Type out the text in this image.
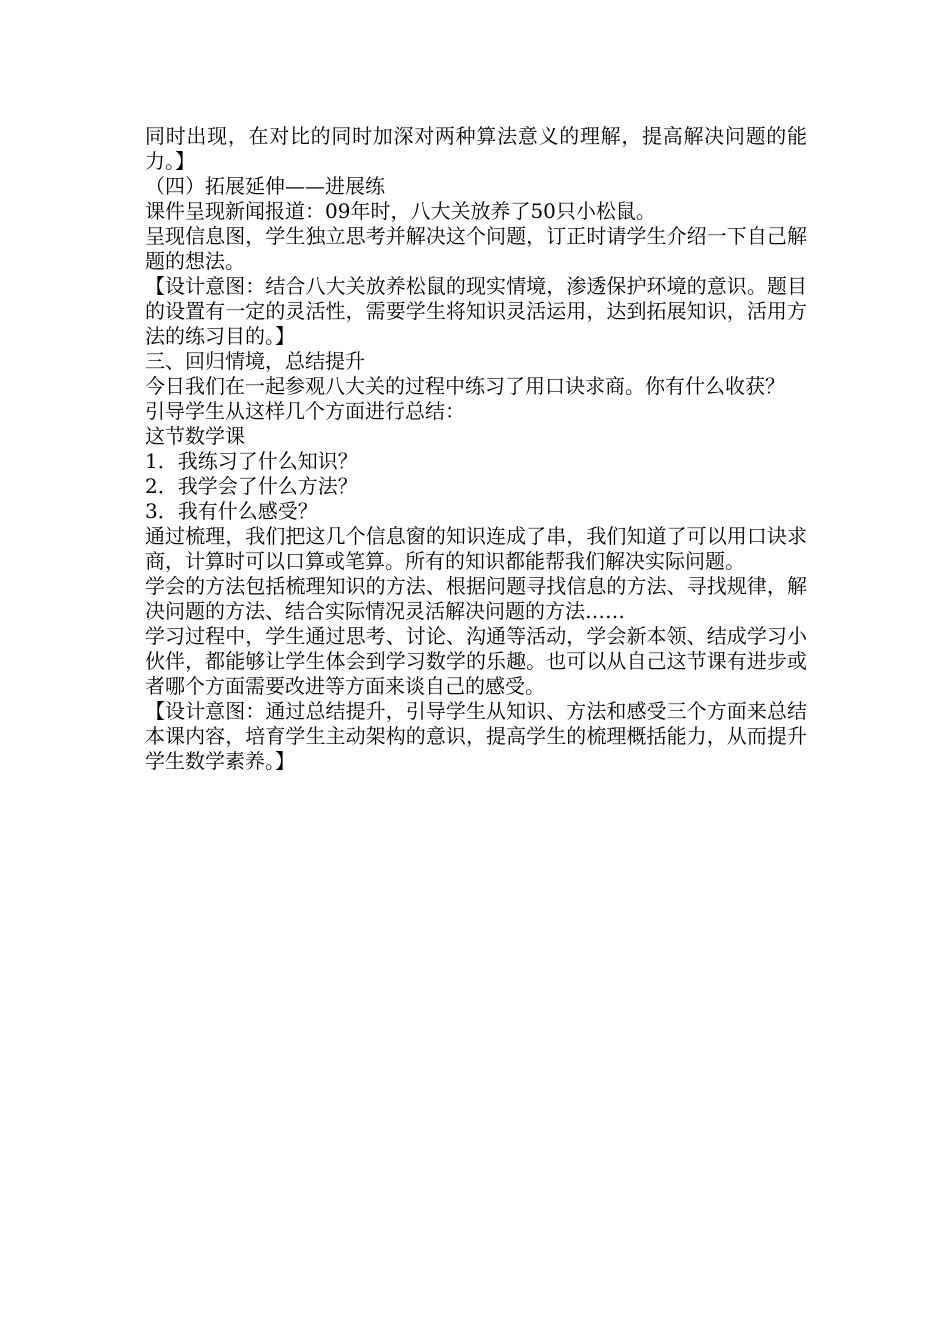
同时出现，在对比的同时加深对两种算法意义的理解，提高解决问题的能力。】

（四）拓展延伸——进展练

课件呈现新闻报道：09年时，八大关放养了50只小松鼠。

呈现信息图，学生独立思考并解决这个问题，订正时请学生介绍一下自己解题的想法。

【设计意图：结合八大关放养松鼠的现实情境，渗透保护环境的意识。题目的设置有一定的灵活性，需要学生将知识灵活运用，达到拓展知识，活用方法的练习目的。】

三、回归情境，总结提升

今日我们在一起参观八大关的过程中练习了用口诀求商。你有什么收获？

引导学生从这样几个方面进行总结：

这节数学课

1．我练习了什么知识？

2．我学会了什么方法？

3．我有什么感受？

通过梳理，我们把这几个信息窗的知识连成了串，我们知道了可以用口诀求商，计算时可以口算或笔算。所有的知识都能帮我们解决实际问题。

学会的方法包括梳理知识的方法、根据问题寻找信息的方法、寻找规律，解决问题的方法、结合实际情况灵活解决问题的方法……

学习过程中，学生通过思考、讨论、沟通等活动，学会新本领、结成学习小伙伴，都能够让学生体会到学习数学的乐趣。也可以从自己这节课有进步或者哪个方面需要改进等方面来谈自己的感受。

【设计意图：通过总结提升，引导学生从知识、方法和感受三个方面来总结本课内容，培育学生主动架构的意识，提高学生的梳理概括能力，从而提升学生数学素养。】
